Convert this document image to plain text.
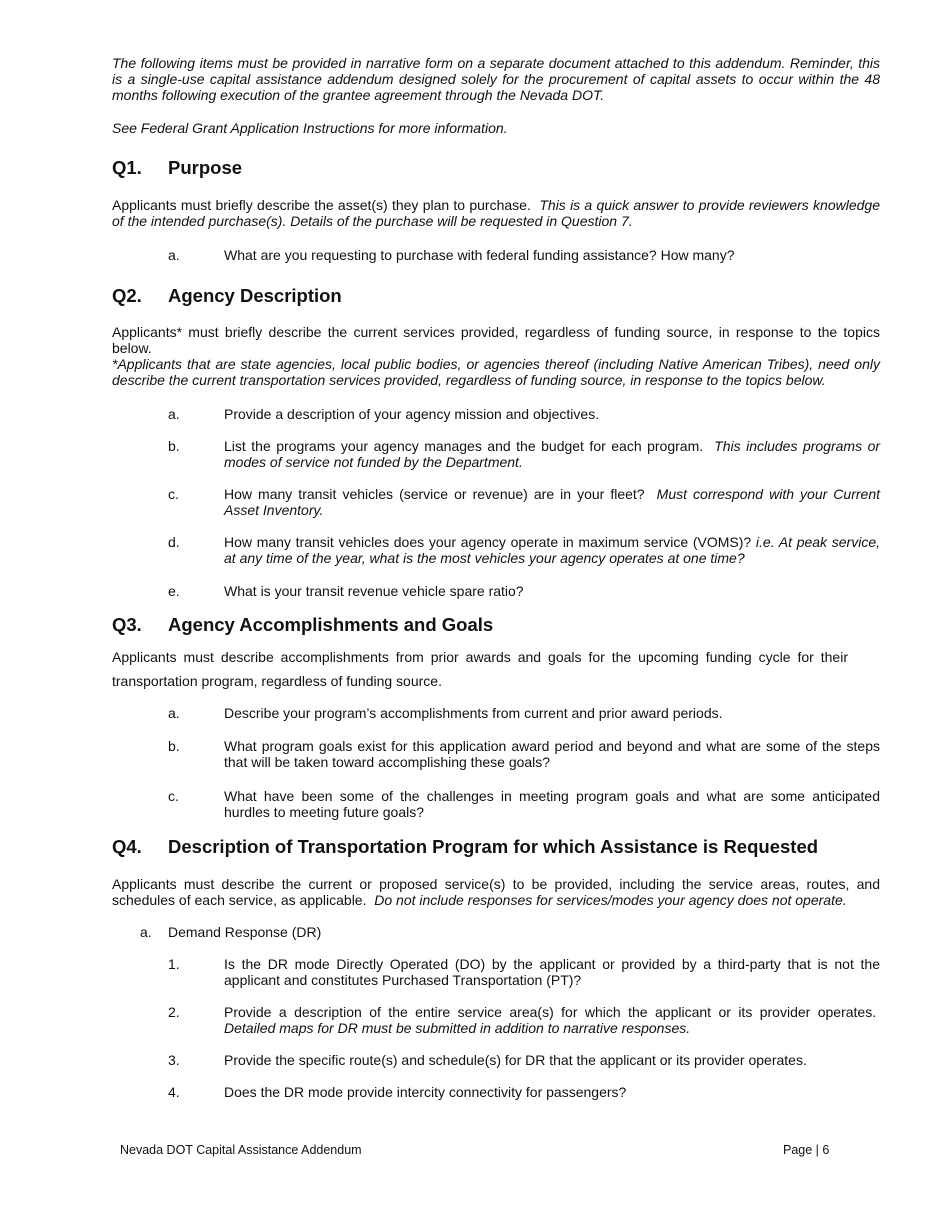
The following items must be provided in narrative form on a separate document attached to this addendum. Reminder, this is a single-use capital assistance addendum designed solely for the procurement of capital assets to occur within the 48 months following execution of the grantee agreement through the Nevada DOT.
See Federal Grant Application Instructions for more information.
Q1. Purpose
Applicants must briefly describe the asset(s) they plan to purchase. This is a quick answer to provide reviewers knowledge of the intended purchase(s). Details of the purchase will be requested in Question 7.
a.	What are you requesting to purchase with federal funding assistance? How many?
Q2. Agency Description
Applicants* must briefly describe the current services provided, regardless of funding source, in response to the topics below.
*Applicants that are state agencies, local public bodies, or agencies thereof (including Native American Tribes), need only describe the current transportation services provided, regardless of funding source, in response to the topics below.
a.	Provide a description of your agency mission and objectives.
b.	List the programs your agency manages and the budget for each program. This includes programs or modes of service not funded by the Department.
c.	How many transit vehicles (service or revenue) are in your fleet? Must correspond with your Current Asset Inventory.
d.	How many transit vehicles does your agency operate in maximum service (VOMS)? i.e. At peak service, at any time of the year, what is the most vehicles your agency operates at one time?
e.	What is your transit revenue vehicle spare ratio?
Q3. Agency Accomplishments and Goals
Applicants must describe accomplishments from prior awards and goals for the upcoming funding cycle for their transportation program, regardless of funding source.
a.	Describe your program’s accomplishments from current and prior award periods.
b.	What program goals exist for this application award period and beyond and what are some of the steps that will be taken toward accomplishing these goals?
c.	What have been some of the challenges in meeting program goals and what are some anticipated hurdles to meeting future goals?
Q4. Description of Transportation Program for which Assistance is Requested
Applicants must describe the current or proposed service(s) to be provided, including the service areas, routes, and schedules of each service, as applicable. Do not include responses for services/modes your agency does not operate.
a. Demand Response (DR)
1.	Is the DR mode Directly Operated (DO) by the applicant or provided by a third-party that is not the applicant and constitutes Purchased Transportation (PT)?
2.	Provide a description of the entire service area(s) for which the applicant or its provider operates.  Detailed maps for DR must be submitted in addition to narrative responses.
3.	Provide the specific route(s) and schedule(s) for DR that the applicant or its provider operates.
4.	Does the DR mode provide intercity connectivity for passengers?
Nevada DOT Capital Assistance Addendum	Page | 6
